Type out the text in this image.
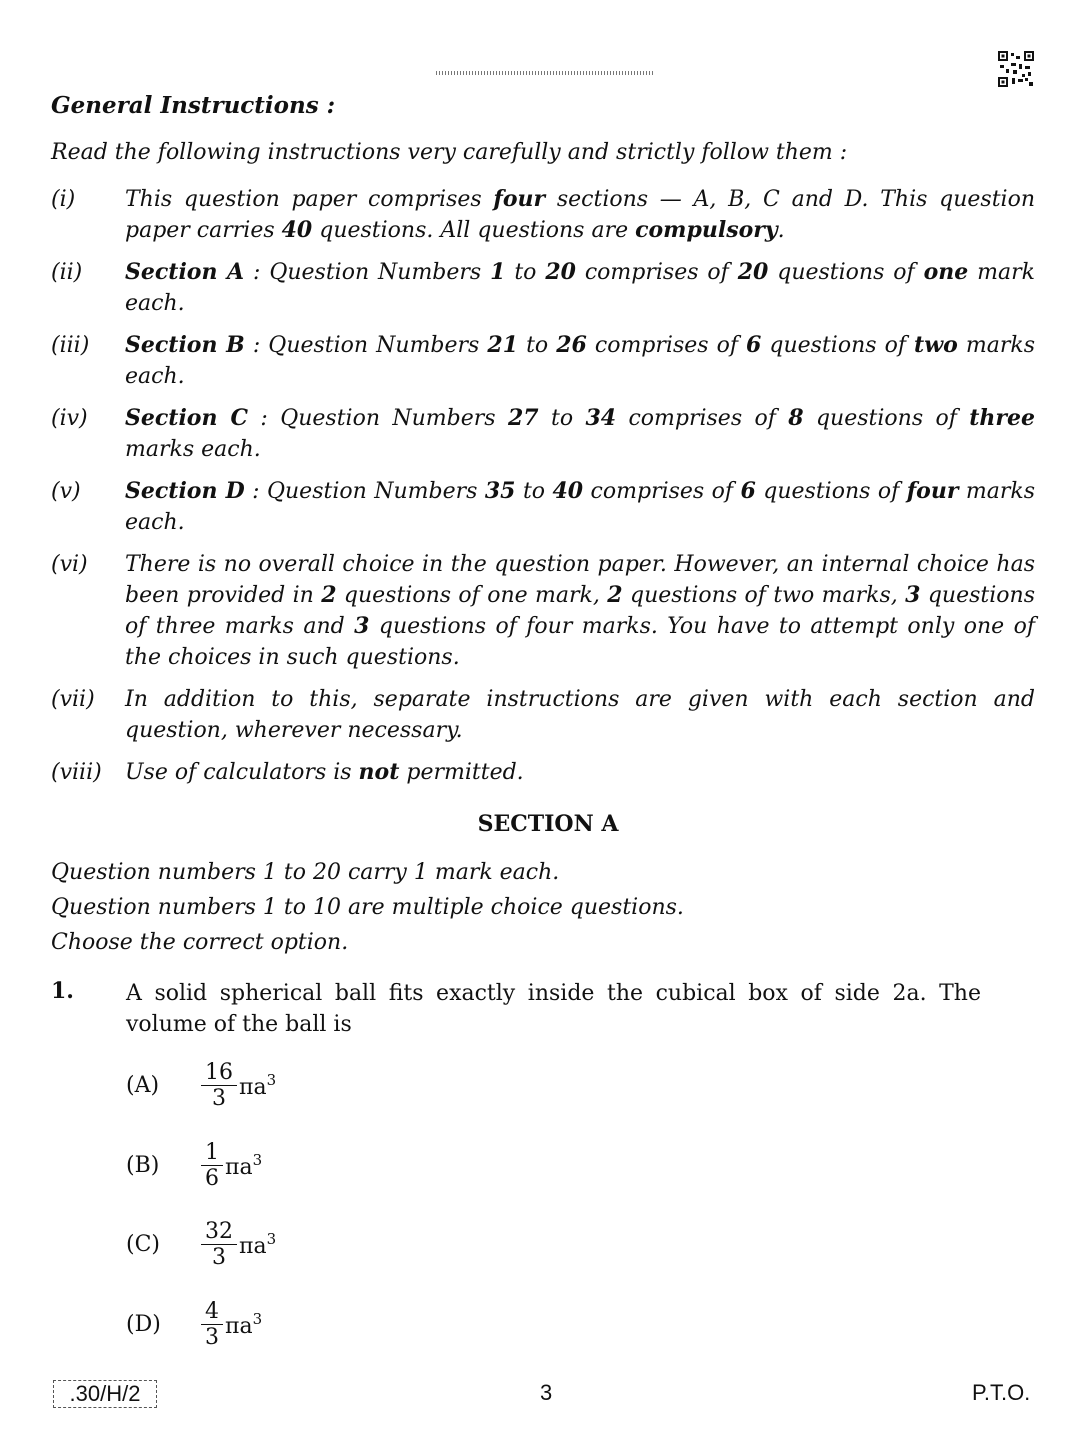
General Instructions :
Read the following instructions very carefully and strictly follow them :
(i)	This question paper comprises four sections — A, B, C and D. This question paper carries 40 questions. All questions are compulsory.
(ii)	Section A : Question Numbers 1 to 20 comprises of 20 questions of one mark each.
(iii)	Section B : Question Numbers 21 to 26 comprises of 6 questions of two marks each.
(iv)	Section C : Question Numbers 27 to 34 comprises of 8 questions of three marks each.
(v)	Section D : Question Numbers 35 to 40 comprises of 6 questions of four marks each.
(vi)	There is no overall choice in the question paper. However, an internal choice has been provided in 2 questions of one mark, 2 questions of two marks, 3 questions of three marks and 3 questions of four marks. You have to attempt only one of the choices in such questions.
(vii)	In addition to this, separate instructions are given with each section and question, wherever necessary.
(viii)	Use of calculators is not permitted.
SECTION A
Question numbers 1 to 20 carry 1 mark each.
Question numbers 1 to 10 are multiple choice questions.
Choose the correct option.
1. A solid spherical ball fits exactly inside the cubical box of side 2a. The volume of the ball is
(A)	$\frac{16}{3} \pi a^3$
(B)	$\frac{1}{6} \pi a^3$
(C)	$\frac{32}{3} \pi a^3$
(D)	$\frac{4}{3} \pi a^3$
.30/H/2	3	P.T.O.
